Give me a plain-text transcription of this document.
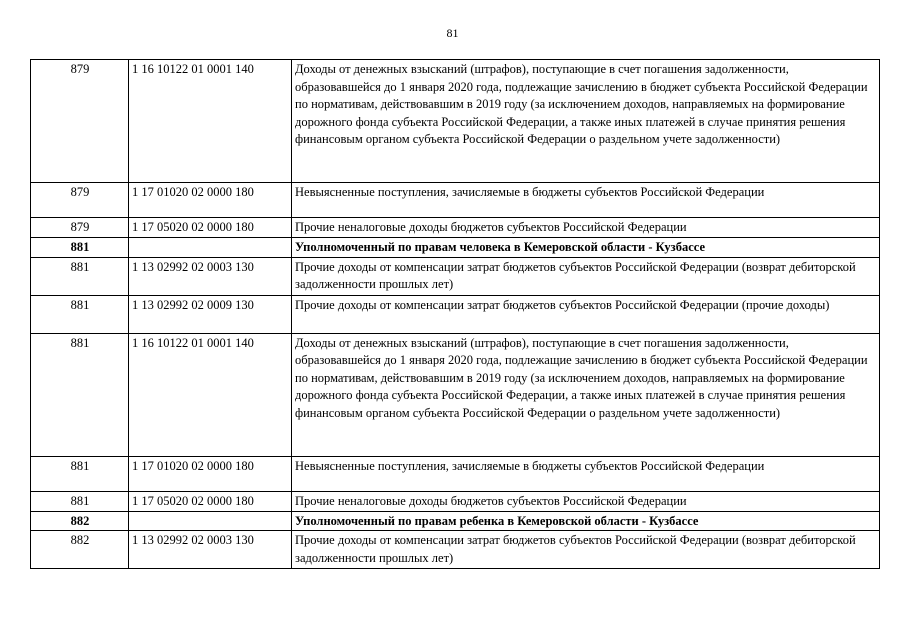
81
879	1 16 10122 01 0001 140	Доходы от денежных взысканий (штрафов), поступающие в счет погашения задолженности, образовавшейся до 1 января 2020 года, подлежащие зачислению в бюджет субъекта Российской Федерации по нормативам, действовавшим в 2019 году (за исключением доходов, направляемых на формирование дорожного фонда субъекта Российской Федерации, а также иных платежей в случае принятия решения финансовым органом субъекта Российской Федерации о раздельном учете задолженности)
879	1 17 01020 02 0000 180	Невыясненные поступления, зачисляемые в бюджеты субъектов Российской Федерации
879	1 17 05020 02 0000 180	Прочие неналоговые доходы бюджетов субъектов Российской Федерации
881		Уполномоченный по правам человека в Кемеровской области - Кузбассе
881	1 13 02992 02 0003 130	Прочие доходы от компенсации затрат бюджетов субъектов Российской Федерации (возврат дебиторской задолженности прошлых лет)
881	1 13 02992 02 0009 130	Прочие доходы от компенсации затрат бюджетов субъектов Российской Федерации (прочие доходы)
881	1 16 10122 01 0001 140	Доходы от денежных взысканий (штрафов), поступающие в счет погашения задолженности, образовавшейся до 1 января 2020 года, подлежащие зачислению в бюджет субъекта Российской Федерации по нормативам, действовавшим в 2019 году (за исключением доходов, направляемых на формирование дорожного фонда субъекта Российской Федерации, а также иных платежей в случае принятия решения финансовым органом субъекта Российской Федерации о раздельном учете задолженности)
881	1 17 01020 02 0000 180	Невыясненные поступления, зачисляемые в бюджеты субъектов Российской Федерации
881	1 17 05020 02 0000 180	Прочие неналоговые доходы бюджетов субъектов Российской Федерации
882		Уполномоченный по правам ребенка в Кемеровской области - Кузбассе
882	1 13 02992 02 0003 130	Прочие доходы от компенсации затрат бюджетов субъектов Российской Федерации (возврат дебиторской задолженности прошлых лет)
